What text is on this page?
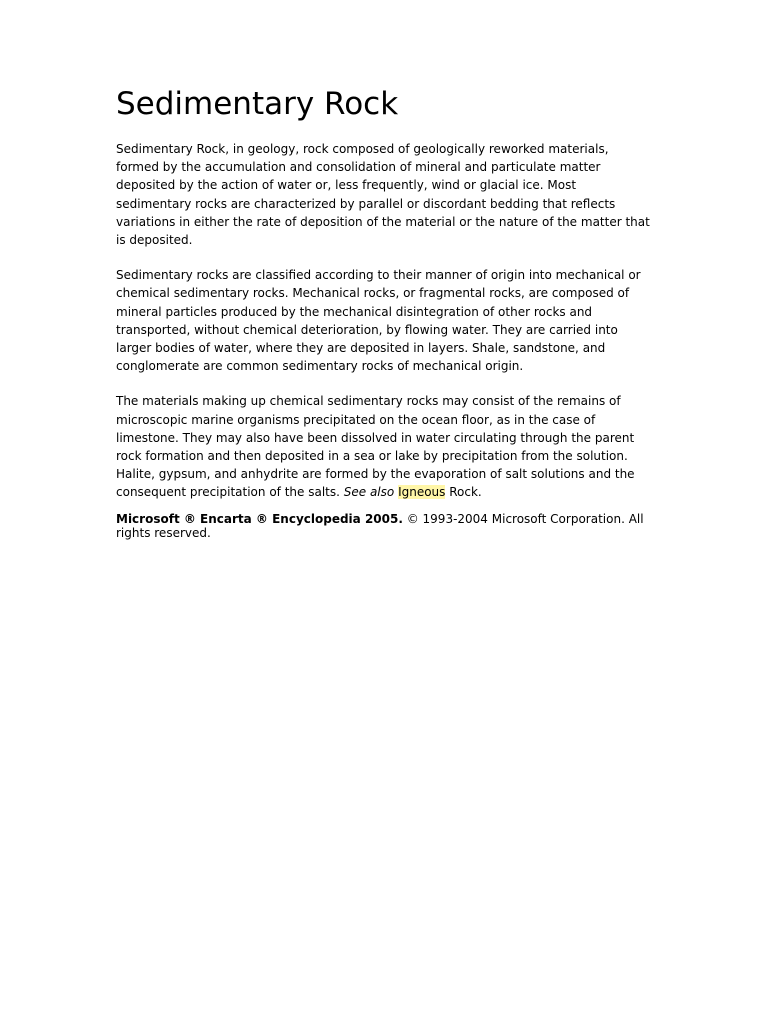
Sedimentary Rock

Sedimentary Rock, in geology, rock composed of geologically reworked materials, formed by the accumulation and consolidation of mineral and particulate matter deposited by the action of water or, less frequently, wind or glacial ice. Most sedimentary rocks are characterized by parallel or discordant bedding that reflects variations in either the rate of deposition of the material or the nature of the matter that is deposited.

Sedimentary rocks are classified according to their manner of origin into mechanical or chemical sedimentary rocks. Mechanical rocks, or fragmental rocks, are composed of mineral particles produced by the mechanical disintegration of other rocks and transported, without chemical deterioration, by flowing water. They are carried into larger bodies of water, where they are deposited in layers. Shale, sandstone, and conglomerate are common sedimentary rocks of mechanical origin.

The materials making up chemical sedimentary rocks may consist of the remains of microscopic marine organisms precipitated on the ocean floor, as in the case of limestone. They may also have been dissolved in water circulating through the parent rock formation and then deposited in a sea or lake by precipitation from the solution. Halite, gypsum, and anhydrite are formed by the evaporation of salt solutions and the consequent precipitation of the salts. See also Igneous Rock.

Microsoft ® Encarta ® Encyclopedia 2005. © 1993-2004 Microsoft Corporation. All rights reserved.
